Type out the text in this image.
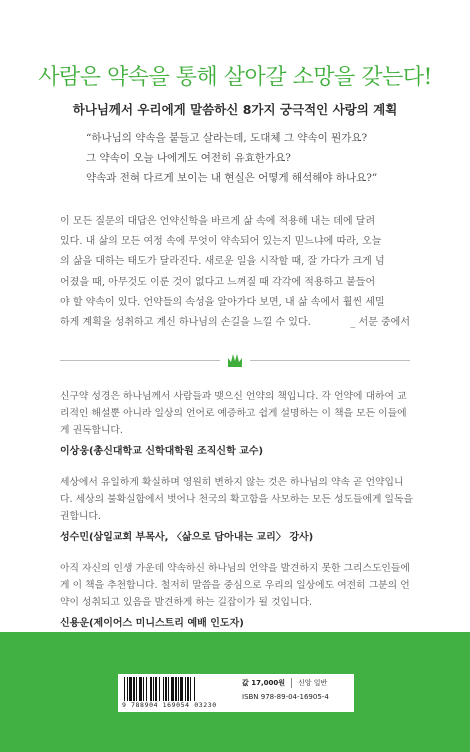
사람은 약속을 통해 살아갈 소망을 갖는다!
하나님께서 우리에게 말씀하신 8가지 궁극적인 사랑의 계획
“하나님의 약속을 붙들고 살라는데, 도대체 그 약속이 뭔가요?
그 약속이 오늘 나에게도 여전히 유효한가요?
약속과 전혀 다르게 보이는 내 현실은 어떻게 해석해야 하나요?”
이 모든 질문의 대답은 언약신학을 바르게 삶 속에 적용해 내는 데에 달려
있다. 내 삶의 모든 여정 속에 무엇이 약속되어 있는지 믿느냐에 따라, 오늘
의 삶을 대하는 태도가 달라진다. 새로운 일을 시작할 때, 잘 가다가 크게 넘
어졌을 때, 아무것도 이룬 것이 없다고 느껴질 때 각각에 적용하고 붙들어
야 할 약속이 있다. 언약들의 속성을 알아가다 보면, 내 삶 속에서 훨씬 세밀
하게 계획을 성취하고 계신 하나님의 손길을 느낄 수 있다.	_ 서문 중에서
신구약 성경은 하나님께서 사람들과 맺으신 언약의 책입니다. 각 언약에 대하여 교
리적인 해설뿐 아니라 일상의 언어로 예증하고 쉽게 설명하는 이 책을 모든 이들에
게 권독합니다.
이상웅(총신대학교 신학대학원 조직신학 교수)
세상에서 유일하게 확실하며 영원히 변하지 않는 것은 하나님의 약속 곧 언약입니
다. 세상의 불확실함에서 벗어나 천국의 확고함을 사모하는 모든 성도들에게 일독을
권합니다.
성수민(삼일교회 부목사, 〈삶으로 담아내는 교리〉 강사)
아직 자신의 인생 가운데 약속하신 하나님의 언약을 발견하지 못한 그리스도인들에
게 이 책을 추천합니다. 철저히 말씀을 중심으로 우리의 일상에도 여전히 그분의 언
약이 성취되고 있음을 발견하게 하는 길잡이가 될 것입니다.
신용운(제이어스 미니스트리 예배 인도자)
9 788904 169054 03230
값 17,000원 신앙 일반
ISBN 978-89-04-16905-4
